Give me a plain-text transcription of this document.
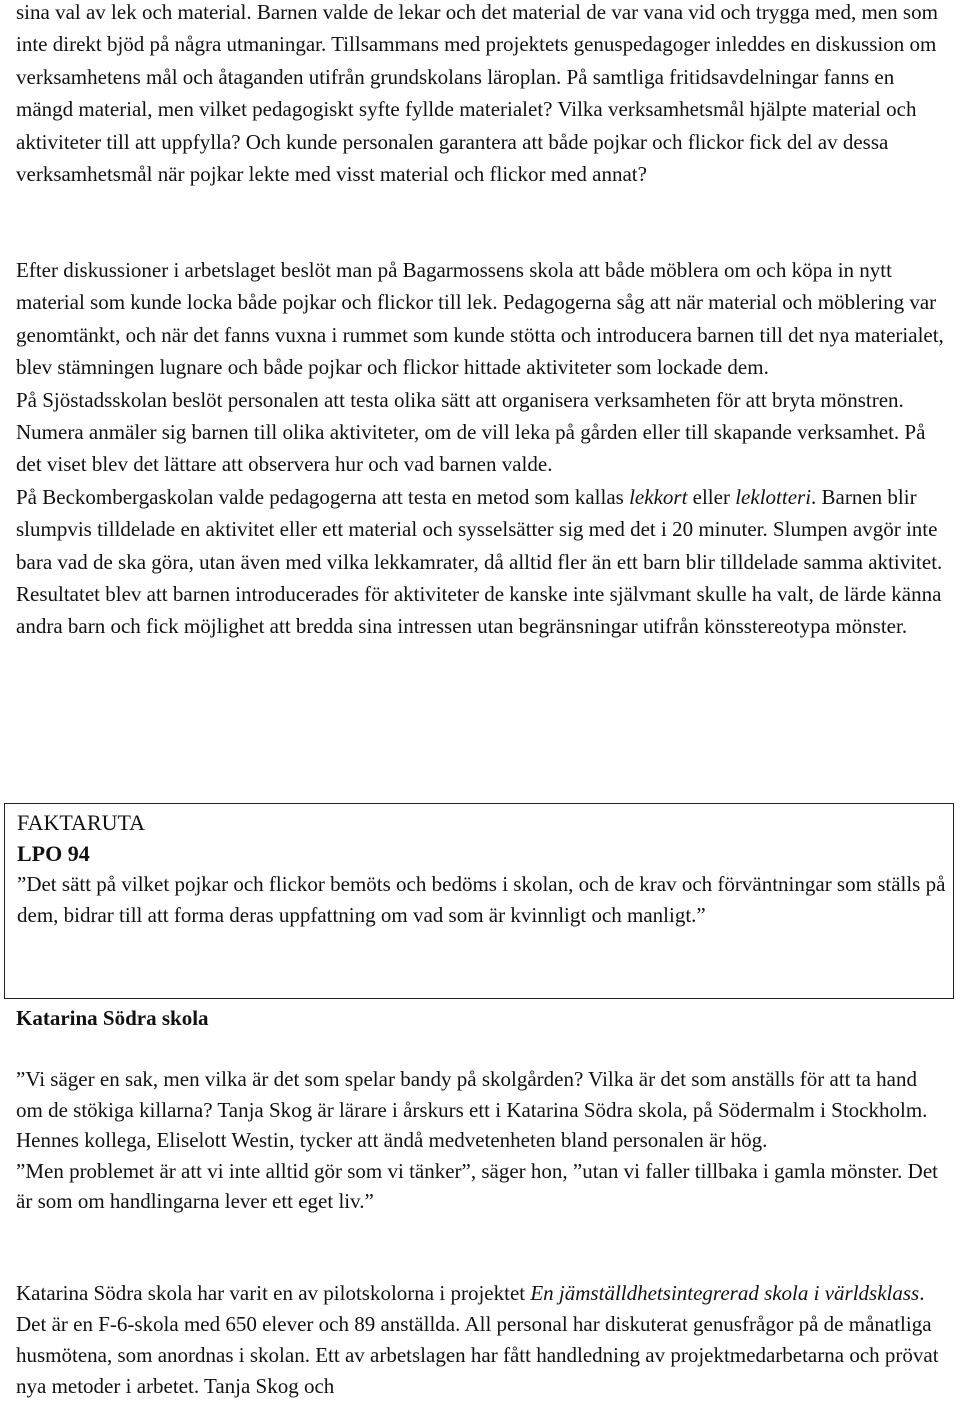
sina val av lek och material. Barnen valde de lekar och det material de var vana vid och trygga med, men som inte direkt bjöd på några utmaningar. Tillsammans med projektets genuspedagoger inleddes en diskussion om verksamhetens mål och åtaganden utifrån grundskolans läroplan. På samtliga fritidsavdelningar fanns en mängd material, men vilket pedagogiskt syfte fyllde materialet? Vilka verksamhetsmål hjälpte material och aktiviteter till att uppfylla? Och kunde personalen garantera att både pojkar och flickor fick del av dessa verksamhetsmål när pojkar lekte med visst material och flickor med annat?

Efter diskussioner i arbetslaget beslöt man på Bagarmossens skola att både möblera om och köpa in nytt material som kunde locka både pojkar och flickor till lek. Pedagogerna såg att när material och möblering var genomtänkt, och när det fanns vuxna i rummet som kunde stötta och introducera barnen till det nya materialet, blev stämningen lugnare och både pojkar och flickor hittade aktiviteter som lockade dem.

På Sjöstadsskolan beslöt personalen att testa olika sätt att organisera verksamheten för att bryta mönstren. Numera anmäler sig barnen till olika aktiviteter, om de vill leka på gården eller till skapande verksamhet. På det viset blev det lättare att observera hur och vad barnen valde.

På Beckombergaskolan valde pedagogerna att testa en metod som kallas lekkort eller leklotteri. Barnen blir slumpvis tilldelade en aktivitet eller ett material och sysselsätter sig med det i 20 minuter. Slumpen avgör inte bara vad de ska göra, utan även med vilka lekkamrater, då alltid fler än ett barn blir tilldelade samma aktivitet. Resultatet blev att barnen introducerades för aktiviteter de kanske inte självmant skulle ha valt, de lärde känna andra barn och fick möjlighet att bredda sina intressen utan begränsningar utifrån könsstereotypa mönster.

FAKTARUTA

LPO 94

”Det sätt på vilket pojkar och flickor bemöts och bedöms i skolan, och de krav och förväntningar som ställs på dem, bidrar till att forma deras uppfattning om vad som är kvinnligt och manligt.”

Katarina Södra skola

”Vi säger en sak, men vilka är det som spelar bandy på skolgården? Vilka är det som anställs för att ta hand om de stökiga killarna? Tanja Skog är lärare i årskurs ett i Katarina Södra skola, på Södermalm i Stockholm. Hennes kollega, Eliselott Westin, tycker att ändå medvetenheten bland personalen är hög.

”Men problemet är att vi inte alltid gör som vi tänker”, säger hon, ”utan vi faller tillbaka i gamla mönster. Det är som om handlingarna lever ett eget liv.”

Katarina Södra skola har varit en av pilotskolorna i projektet En jämställdhetsintegrerad skola i världsklass. Det är en F-6-skola med 650 elever och 89 anställda. All personal har diskuterat genusfrågor på de månatliga husmötena, som anordnas i skolan. Ett av arbetslagen har fått handledning av projektmedarbetarna och prövat nya metoder i arbetet. Tanja Skog och
